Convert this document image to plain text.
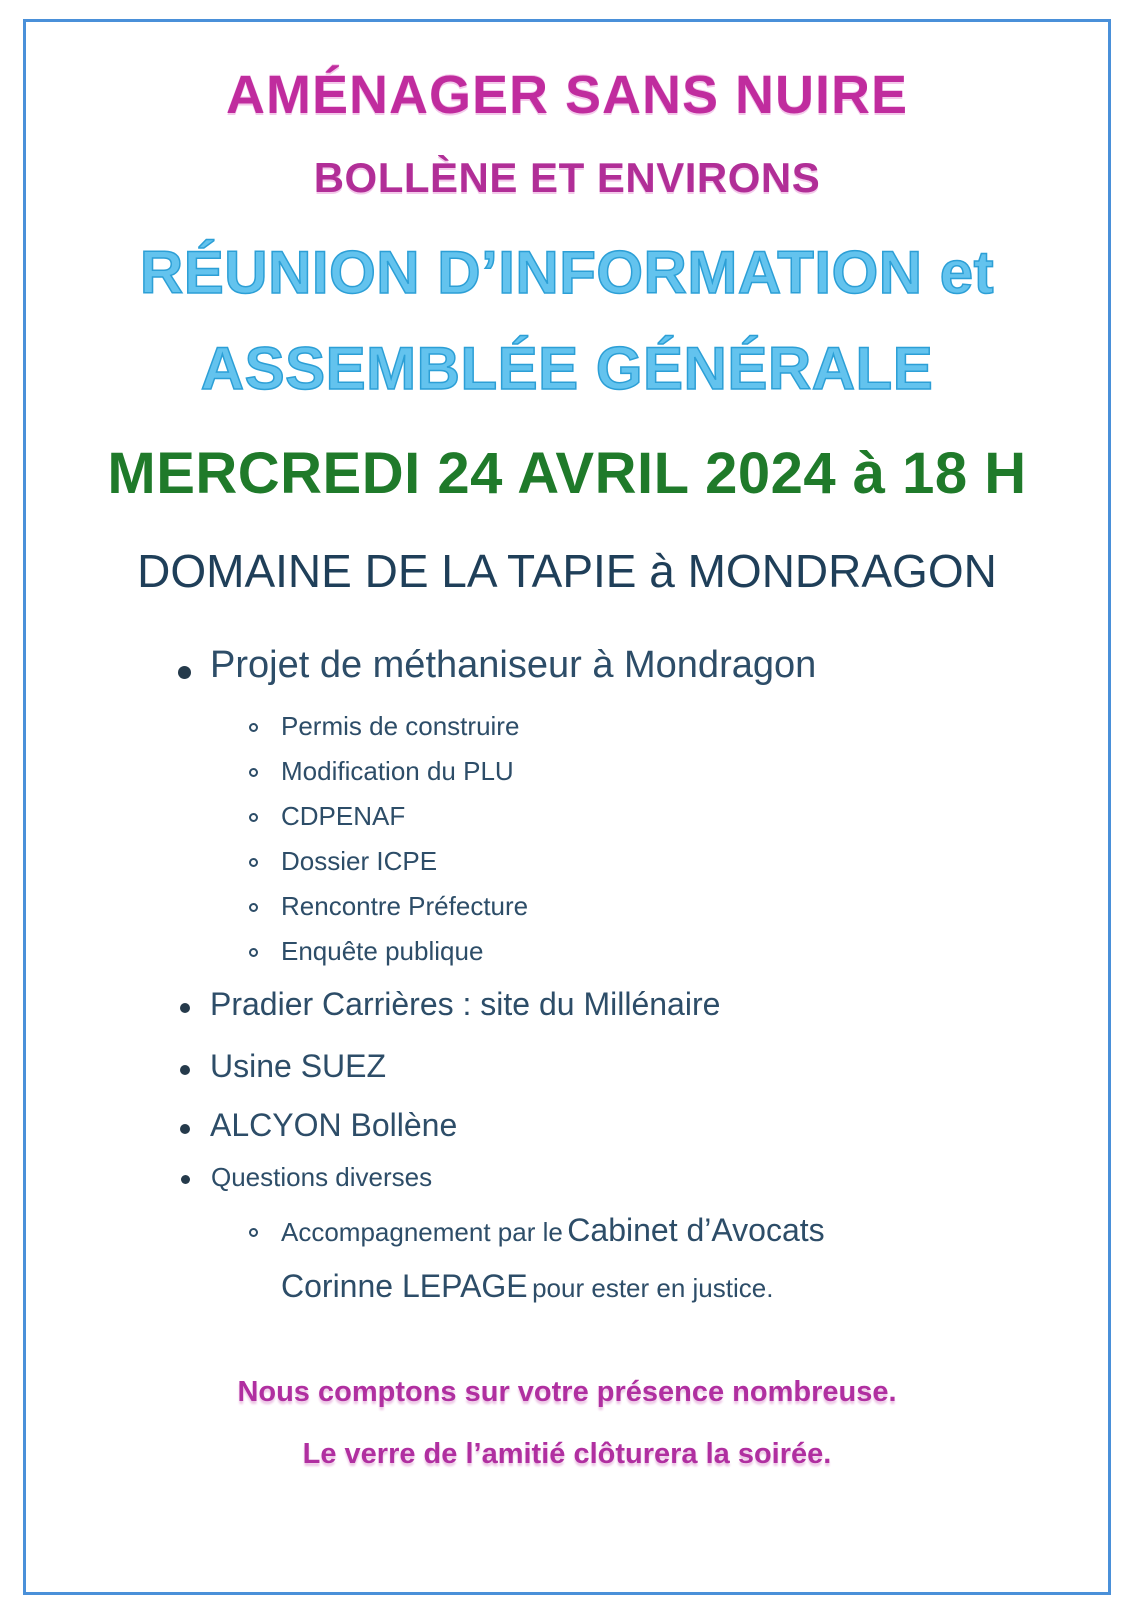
AMÉNAGER SANS NUIRE
BOLLÈNE ET ENVIRONS
RÉUNION D’INFORMATION et
ASSEMBLÉE GÉNÉRALE
MERCREDI 24 AVRIL 2024 à 18 H
DOMAINE DE LA TAPIE à MONDRAGON
Projet de méthaniseur à Mondragon
Permis de construire
Modification du PLU
CDPENAF
Dossier ICPE
Rencontre Préfecture
Enquête publique
Pradier Carrières : site du Millénaire
Usine SUEZ
ALCYON Bollène
Questions diverses
Accompagnement par le Cabinet d’Avocats
Corinne LEPAGE pour ester en justice.
Nous comptons sur votre présence nombreuse.
Le verre de l’amitié clôturera la soirée.
